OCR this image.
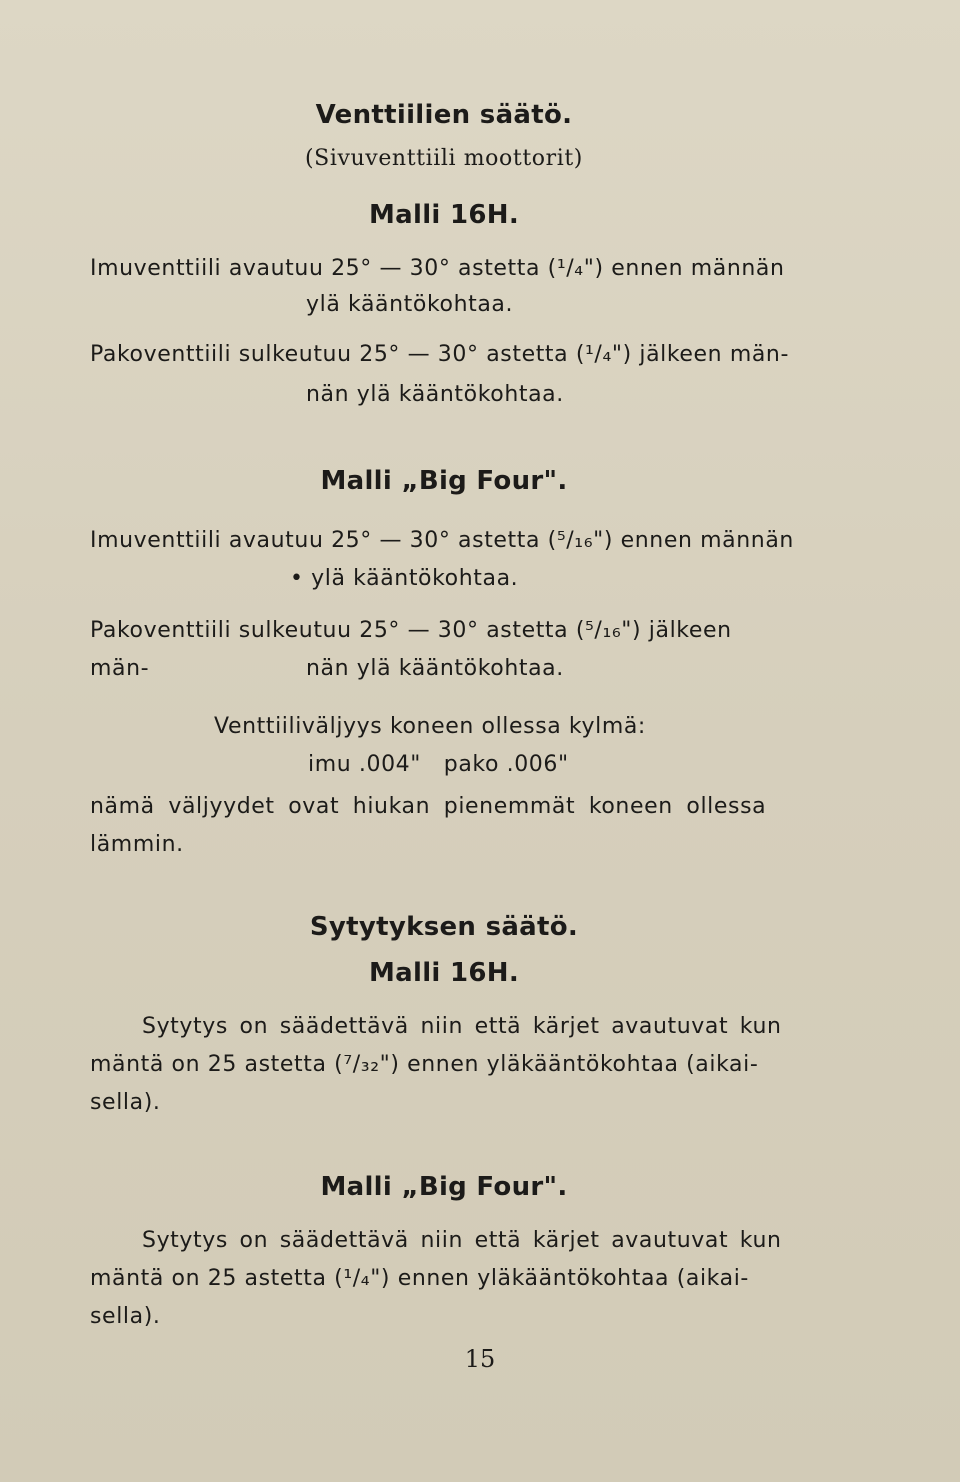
Venttiilien säätö.
(Sivuventtiili moottorit)
Malli 16H.
Imuventtiili avautuu 25° — 30° astetta (¹/₄") ennen männän
ylä kääntökohtaa.
Pakoventtiili sulkeutuu 25° — 30° astetta (¹/₄") jälkeen män-
nän ylä kääntökohtaa.
Malli „Big Four".
Imuventtiili avautuu 25° — 30° astetta (⁵/₁₆") ennen männän
• ylä kääntökohtaa.
Pakoventtiili sulkeutuu 25° — 30° astetta (⁵/₁₆") jälkeen män-	nän ylä kääntökohtaa.
Venttiiliväljyys koneen ollessa kylmä:
imu .004"   pako .006"
nämä väljyydet ovat hiukan pienemmät koneen ollessa
lämmin.
Sytytyksen säätö.
Malli 16H.
Sytytys on säädettävä niin että kärjet avautuvat kun
mäntä on 25 astetta (⁷/₃₂") ennen yläkääntökohtaa (aikai-
sella).
Malli „Big Four".
Sytytys on säädettävä niin että kärjet avautuvat kun
mäntä on 25 astetta (¹/₄") ennen yläkääntökohtaa (aikai-
sella).
15
